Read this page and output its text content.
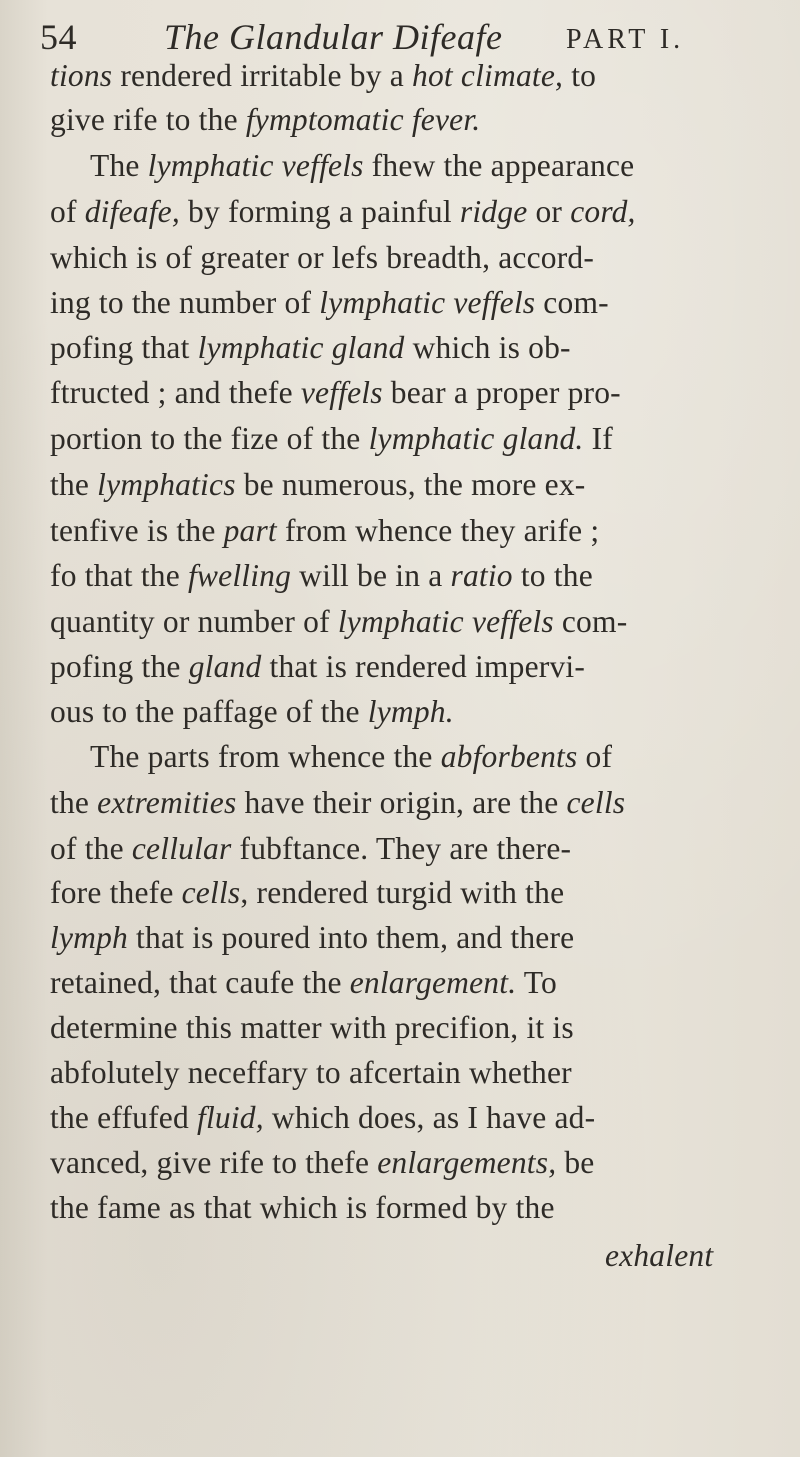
54 The Glandular Difeafe PART I.
tions rendered irritable by a hot climate, to
give rife to the fymptomatic fever.
The lymphatic veffels fhew the appearance
of difeafe, by forming a painful ridge or cord,
which is of greater or lefs breadth, accord-
ing to the number of lymphatic veffels com-
pofing that lymphatic gland which is ob-
ftructed ; and thefe veffels bear a proper pro-
portion to the fize of the lymphatic gland. If
the lymphatics be numerous, the more ex-
tenfive is the part from whence they arife ;
fo that the fwelling will be in a ratio to the
quantity or number of lymphatic veffels com-
pofing the gland that is rendered impervi-
ous to the paffage of the lymph.
The parts from whence the abforbents of
the extremities have their origin, are the cells
of the cellular fubftance. They are there-
fore thefe cells, rendered turgid with the
lymph that is poured into them, and there
retained, that caufe the enlargement. To
determine this matter with precifion, it is
abfolutely neceffary to afcertain whether
the effufed fluid, which does, as I have ad-
vanced, give rife to thefe enlargements, be
the fame as that which is formed by the
exhalent
